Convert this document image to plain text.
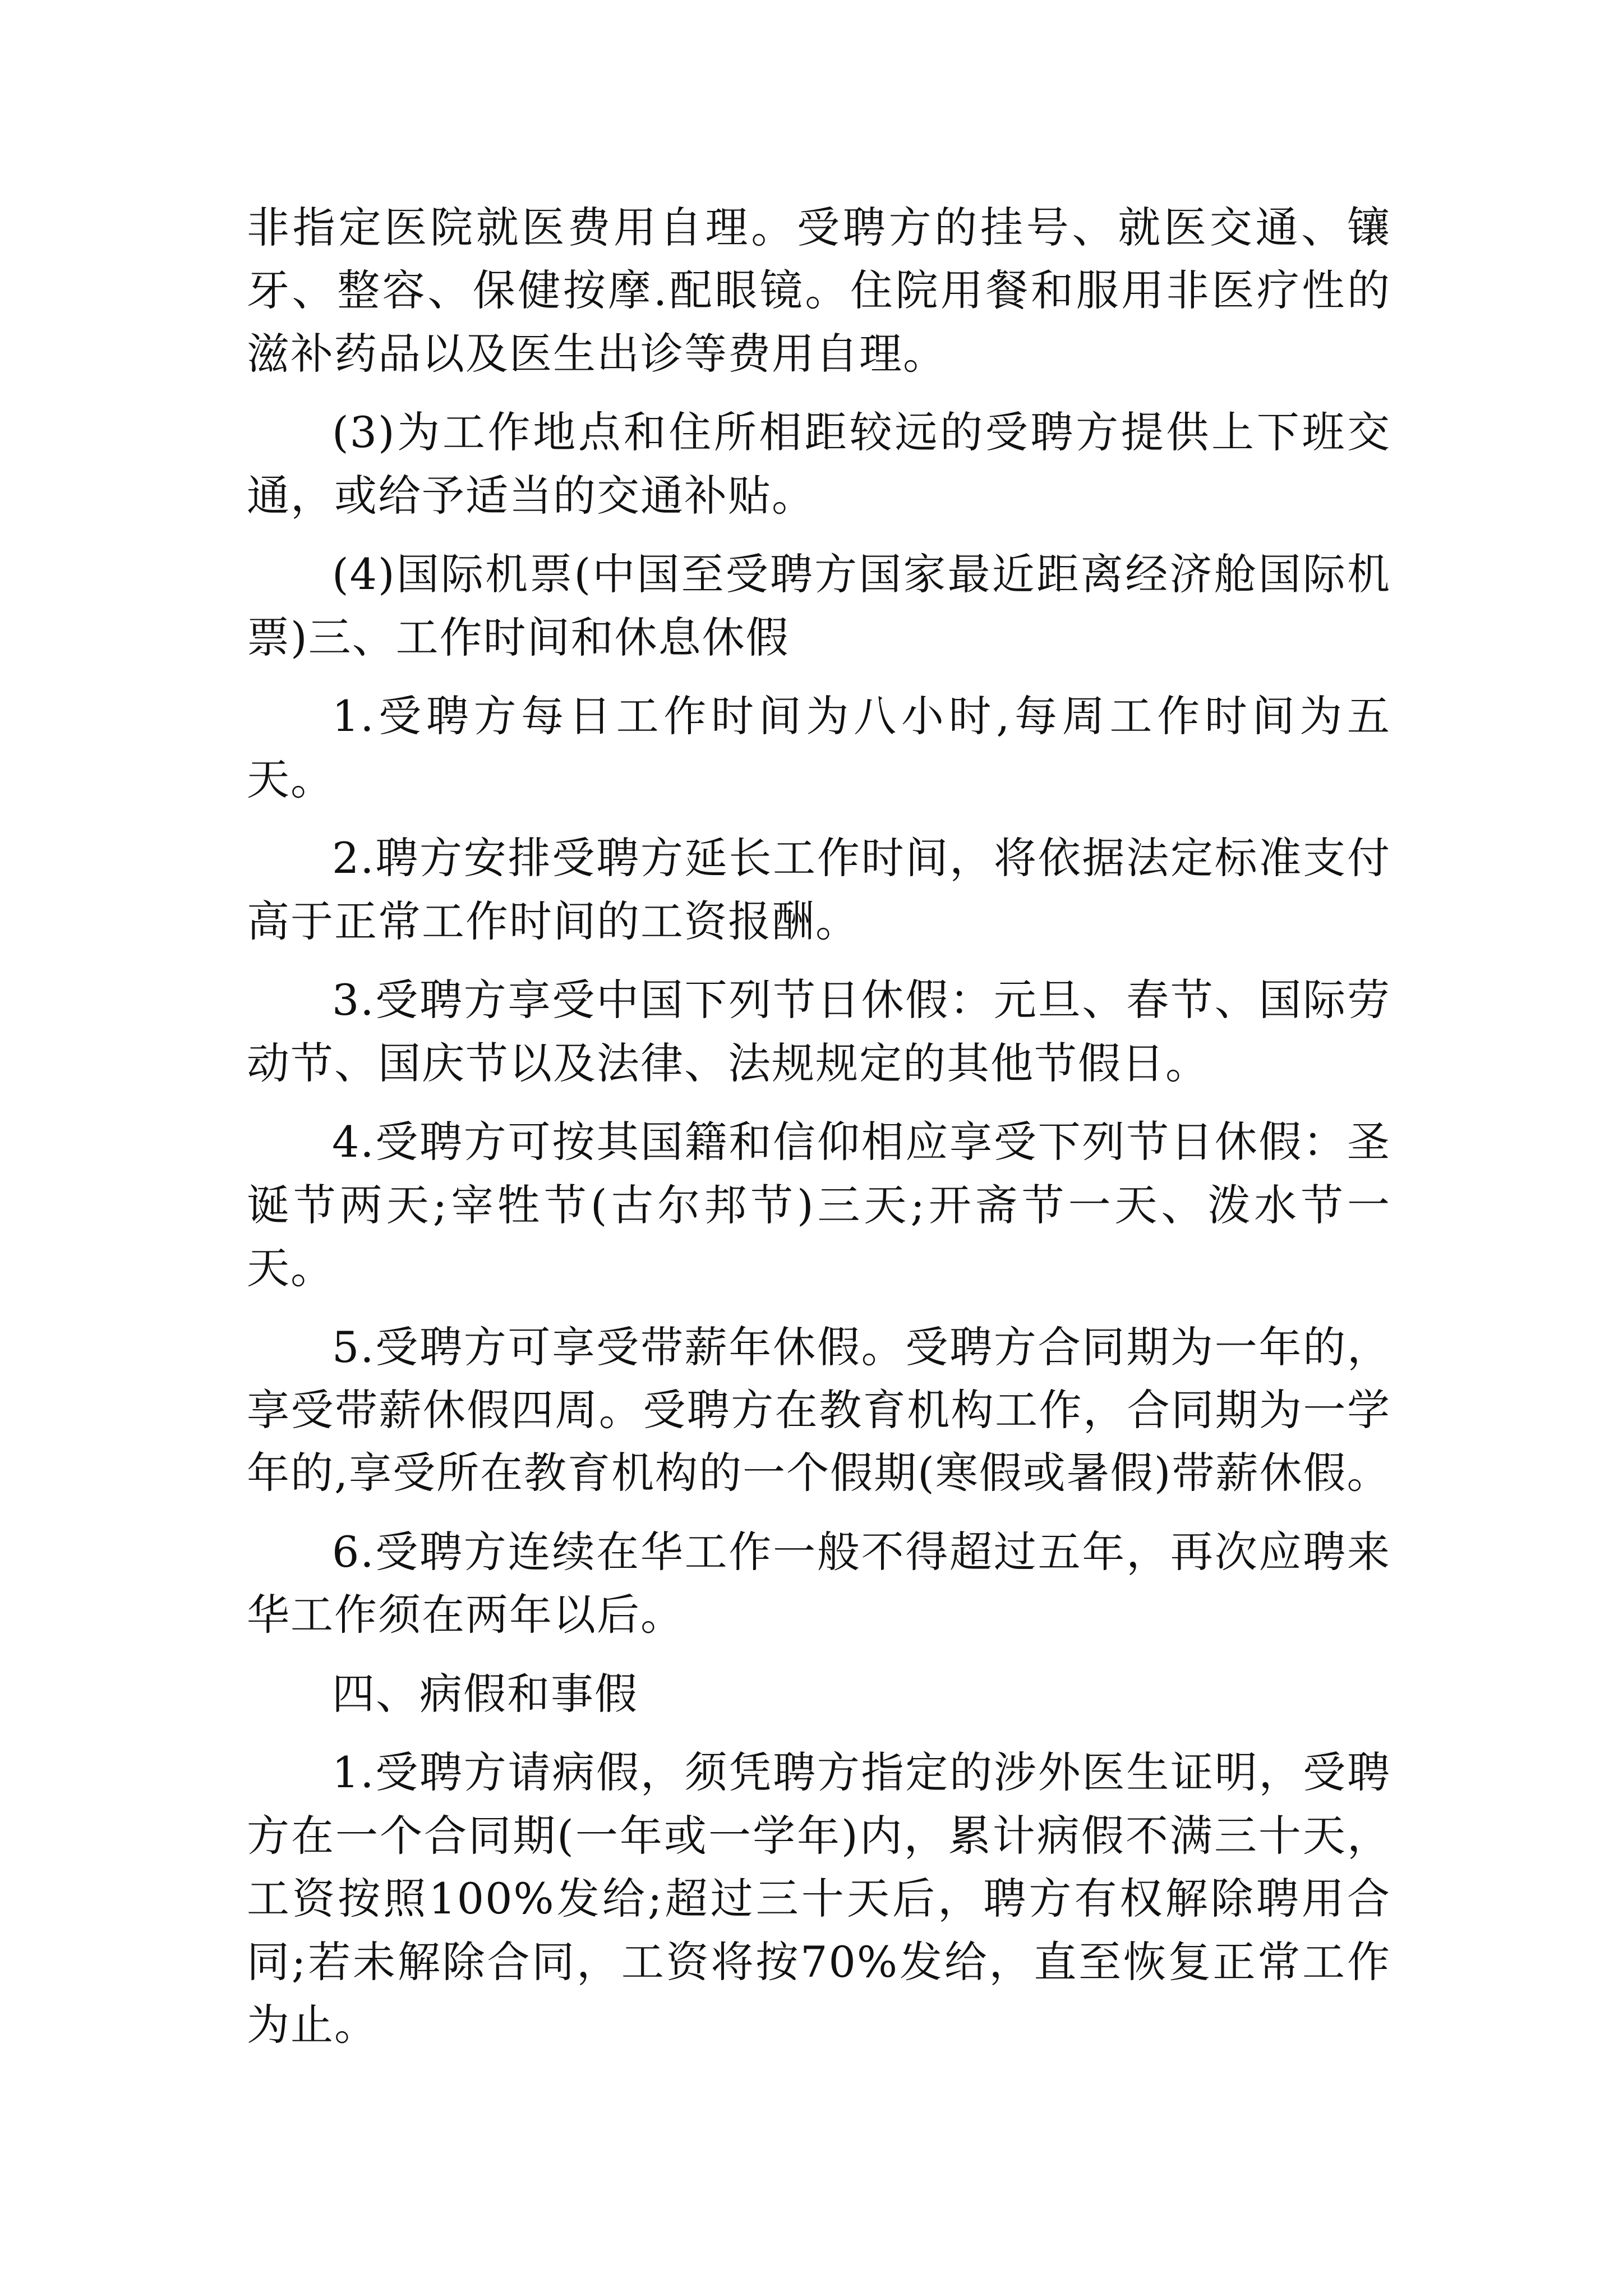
非指定医院就医费用自理。受聘方的挂号、就医交通、镶牙、整容、保健按摩.配眼镜。住院用餐和服用非医疗性的滋补药品以及医生出诊等费用自理。

(3)为工作地点和住所相距较远的受聘方提供上下班交通，或给予适当的交通补贴。

(4)国际机票(中国至受聘方国家最近距离经济舱国际机票)三、工作时间和休息休假

1.受聘方每日工作时间为八小时,每周工作时间为五天。

2.聘方安排受聘方延长工作时间，将依据法定标准支付高于正常工作时间的工资报酬。

3.受聘方享受中国下列节日休假：元旦、春节、国际劳动节、国庆节以及法律、法规规定的其他节假日。

4.受聘方可按其国籍和信仰相应享受下列节日休假：圣诞节两天;宰牲节(古尔邦节)三天;开斋节一天、泼水节一天。

5.受聘方可享受带薪年休假。受聘方合同期为一年的，享受带薪休假四周。受聘方在教育机构工作，合同期为一学年的,享受所在教育机构的一个假期(寒假或暑假)带薪休假。

6.受聘方连续在华工作一般不得超过五年，再次应聘来华工作须在两年以后。

四、病假和事假

1.受聘方请病假，须凭聘方指定的涉外医生证明，受聘方在一个合同期(一年或一学年)内，累计病假不满三十天，工资按照100%发给;超过三十天后，聘方有权解除聘用合同;若未解除合同，工资将按70%发给，直至恢复正常工作为止。
